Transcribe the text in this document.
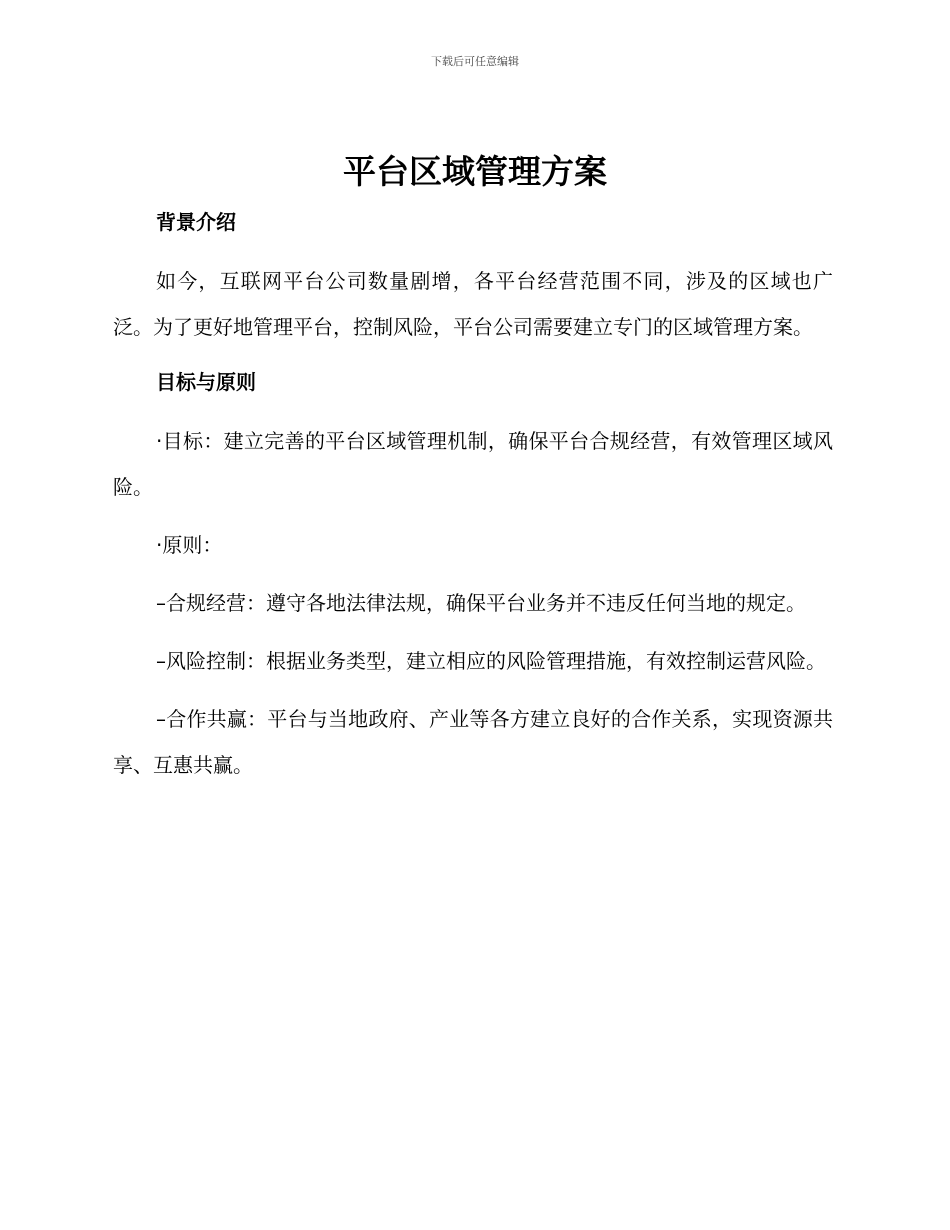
下载后可任意编辑
平台区域管理方案
背景介绍

如今，互联网平台公司数量剧增，各平台经营范围不同，涉及的区域也广泛。为了更好地管理平台，控制风险，平台公司需要建立专门的区域管理方案。

目标与原则

·目标：建立完善的平台区域管理机制，确保平台合规经营，有效管理区域风险。

·原则：

–合规经营：遵守各地法律法规，确保平台业务并不违反任何当地的规定。

–风险控制：根据业务类型，建立相应的风险管理措施，有效控制运营风险。

–合作共赢：平台与当地政府、产业等各方建立良好的合作关系，实现资源共享、互惠共赢。
